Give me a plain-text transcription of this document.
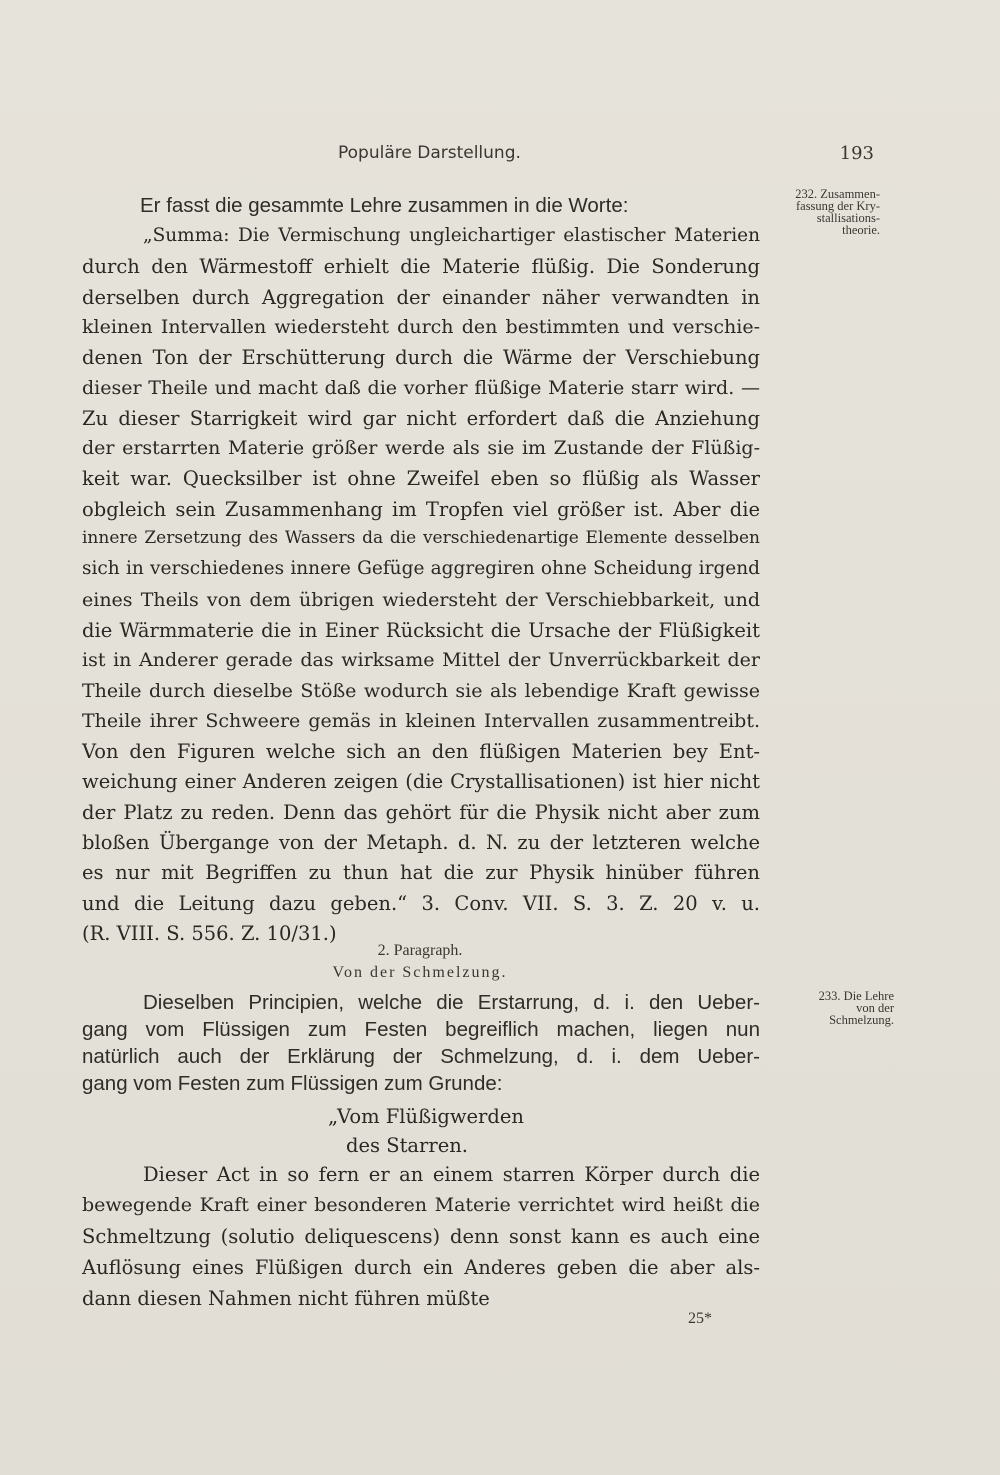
Populäre Darstellung.	193
232. Zusammen-
fassung der Kry-
stallisations-
theorie.
233. Die Lehre
von der
Schmelzung.
Er fasst die gesammte Lehre zusammen in die Worte:
„Summa: Die Vermischung ungleichartiger elastischer Materien
durch den Wärmestoff erhielt die Materie flüßig. Die Sonderung
derselben durch Aggregation der einander näher verwandten in
kleinen Intervallen wiedersteht durch den bestimmten und verschie-
denen Ton der Erschütterung durch die Wärme der Verschiebung
dieser Theile und macht daß die vorher flüßige Materie starr wird. —
Zu dieser Starrigkeit wird gar nicht erfordert daß die Anziehung
der erstarrten Materie größer werde als sie im Zustande der Flüßig-
keit war. Quecksilber ist ohne Zweifel eben so flüßig als Wasser
obgleich sein Zusammenhang im Tropfen viel größer ist. Aber die
innere Zersetzung des Wassers da die verschiedenartige Elemente desselben
sich in verschiedenes innere Gefüge aggregiren ohne Scheidung irgend
eines Theils von dem übrigen wiedersteht der Verschiebbarkeit, und
die Wärmmaterie die in Einer Rücksicht die Ursache der Flüßigkeit
ist in Anderer gerade das wirksame Mittel der Unverrückbarkeit der
Theile durch dieselbe Stöße wodurch sie als lebendige Kraft gewisse
Theile ihrer Schweere gemäs in kleinen Intervallen zusammentreibt.
Von den Figuren welche sich an den flüßigen Materien bey Ent-
weichung einer Anderen zeigen (die Crystallisationen) ist hier nicht
der Platz zu reden. Denn das gehört für die Physik nicht aber zum
bloßen Übergange von der Metaph. d. N. zu der letzteren welche
es nur mit Begriffen zu thun hat die zur Physik hinüber führen
und die Leitung dazu geben.“ 3. Conv. VII. S. 3. Z. 20 v. u.
(R. VIII. S. 556. Z. 10/31.)
2. Paragraph.
Von der Schmelzung.
Dieselben Principien, welche die Erstarrung, d. i. den Ueber-
gang vom Flüssigen zum Festen begreiflich machen, liegen nun
natürlich auch der Erklärung der Schmelzung, d. i. dem Ueber-
gang vom Festen zum Flüssigen zum Grunde:
„Vom Flüßigwerden
des Starren.
Dieser Act in so fern er an einem starren Körper durch die
bewegende Kraft einer besonderen Materie verrichtet wird heißt die
Schmeltzung (solutio deliquescens) denn sonst kann es auch eine
Auflösung eines Flüßigen durch ein Anderes geben die aber als-
dann diesen Nahmen nicht führen müßte
25*
